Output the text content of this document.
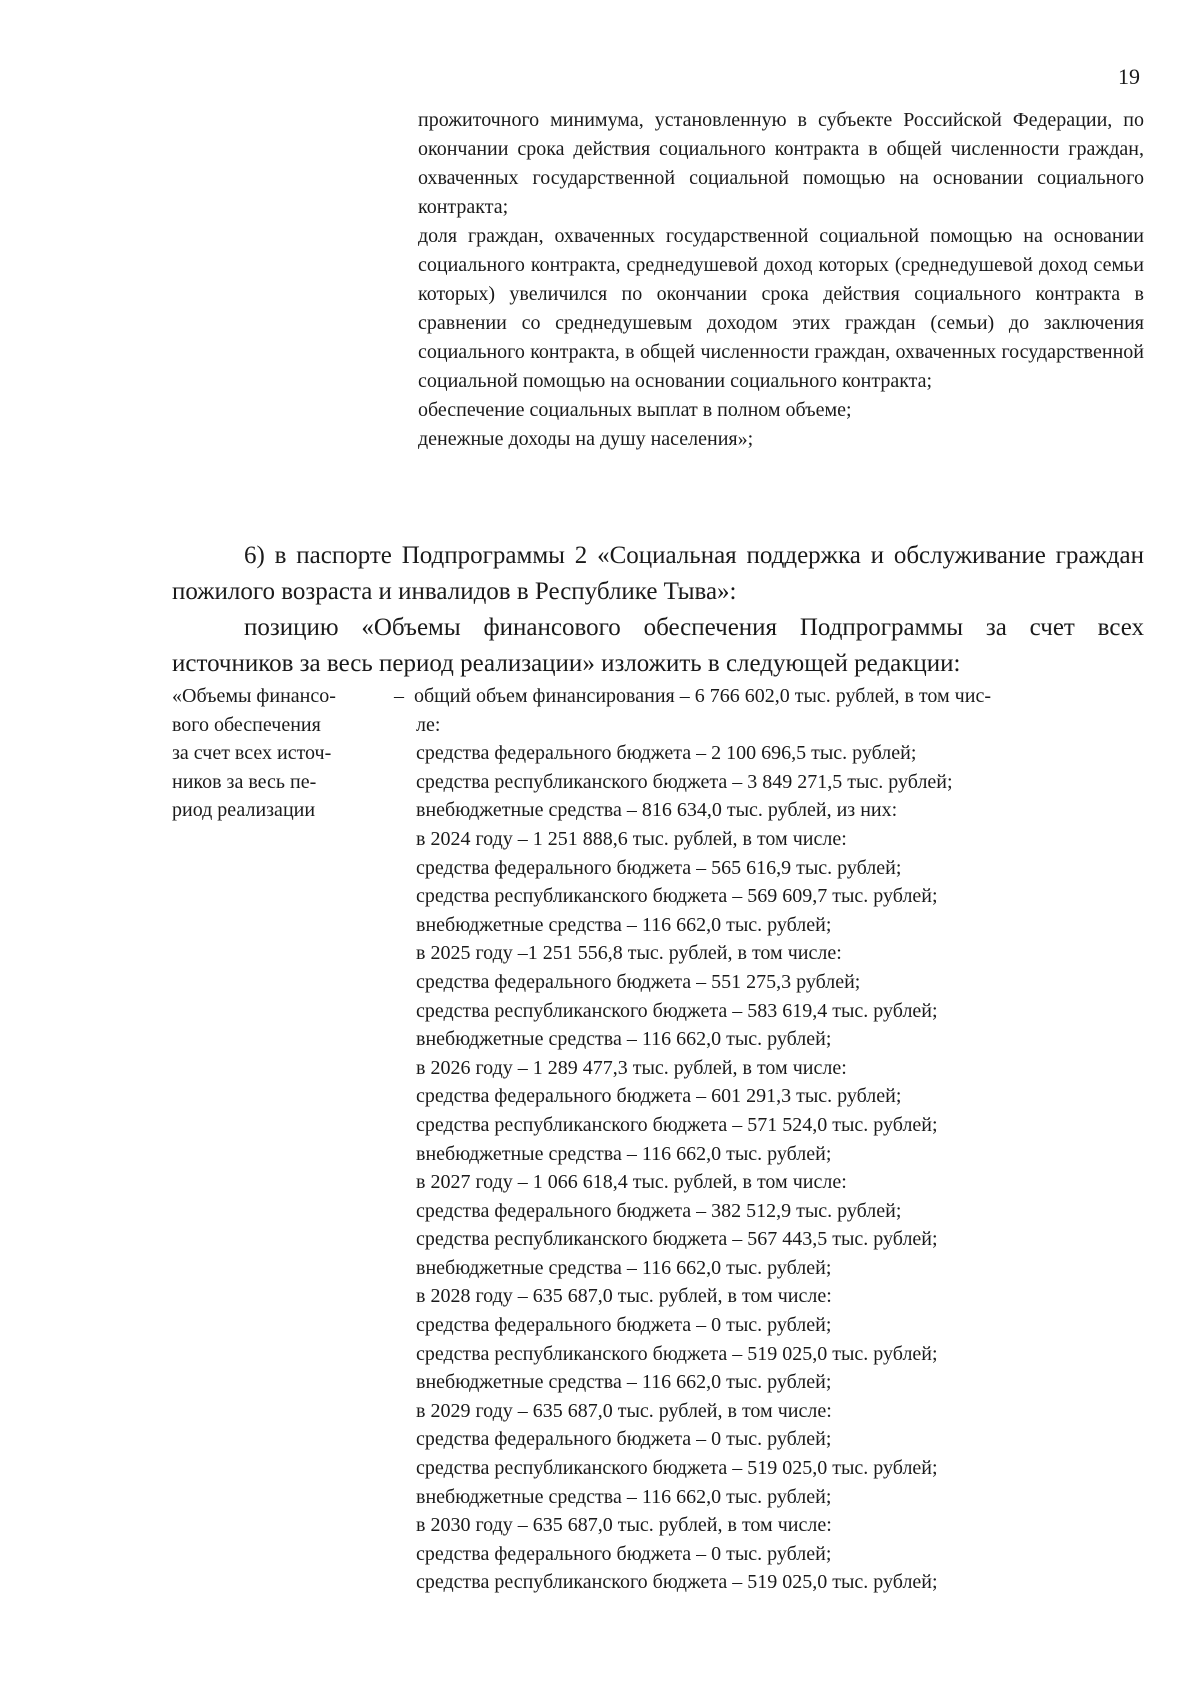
19

прожиточного минимума, установленную в субъекте Российской Федерации, по окончании срока действия социального контракта в общей численности граждан, охваченных государственной социальной помощью на основании социального контракта;

доля граждан, охваченных государственной социальной помощью на основании социального контракта, среднедушевой доход которых (среднедушевой доход семьи которых) увеличился по окончании срока действия социального контракта в сравнении со среднедушевым доходом этих граждан (семьи) до заключения социального контракта, в общей численности граждан, охваченных государственной социальной помощью на основании социального контракта;

обеспечение социальных выплат в полном объеме;

денежные доходы на душу населения»;

6) в паспорте Подпрограммы 2 «Социальная поддержка и обслуживание граждан пожилого возраста и инвалидов в Республике Тыва»:

позицию «Объемы финансового обеспечения Подпрограммы за счет всех источников за весь период реализации» изложить в следующей редакции:

«Объемы финансо-
вого обеспечения
за счет всех источ-
ников за весь пе-
риод реализации
– общий объем финансирования – 6 766 602,0 тыс. рублей, в том чис-
ле:
средства федерального бюджета – 2 100 696,5 тыс. рублей;
средства республиканского бюджета – 3 849 271,5 тыс. рублей;
внебюджетные средства – 816 634,0 тыс. рублей, из них:
в 2024 году – 1 251 888,6 тыс. рублей, в том числе:
средства федерального бюджета – 565 616,9 тыс. рублей;
средства республиканского бюджета – 569 609,7 тыс. рублей;
внебюджетные средства – 116 662,0 тыс. рублей;
в 2025 году –1 251 556,8 тыс. рублей, в том числе:
средства федерального бюджета – 551 275,3 рублей;
средства республиканского бюджета – 583 619,4 тыс. рублей;
внебюджетные средства – 116 662,0 тыс. рублей;
в 2026 году – 1 289 477,3 тыс. рублей, в том числе:
средства федерального бюджета – 601 291,3 тыс. рублей;
средства республиканского бюджета – 571 524,0 тыс. рублей;
внебюджетные средства – 116 662,0 тыс. рублей;
в 2027 году – 1 066 618,4 тыс. рублей, в том числе:
средства федерального бюджета – 382 512,9 тыс. рублей;
средства республиканского бюджета – 567 443,5 тыс. рублей;
внебюджетные средства – 116 662,0 тыс. рублей;
в 2028 году – 635 687,0 тыс. рублей, в том числе:
средства федерального бюджета – 0 тыс. рублей;
средства республиканского бюджета – 519 025,0 тыс. рублей;
внебюджетные средства – 116 662,0 тыс. рублей;
в 2029 году – 635 687,0 тыс. рублей, в том числе:
средства федерального бюджета – 0 тыс. рублей;
средства республиканского бюджета – 519 025,0 тыс. рублей;
внебюджетные средства – 116 662,0 тыс. рублей;
в 2030 году – 635 687,0 тыс. рублей, в том числе:
средства федерального бюджета – 0 тыс. рублей;
средства республиканского бюджета – 519 025,0 тыс. рублей;
